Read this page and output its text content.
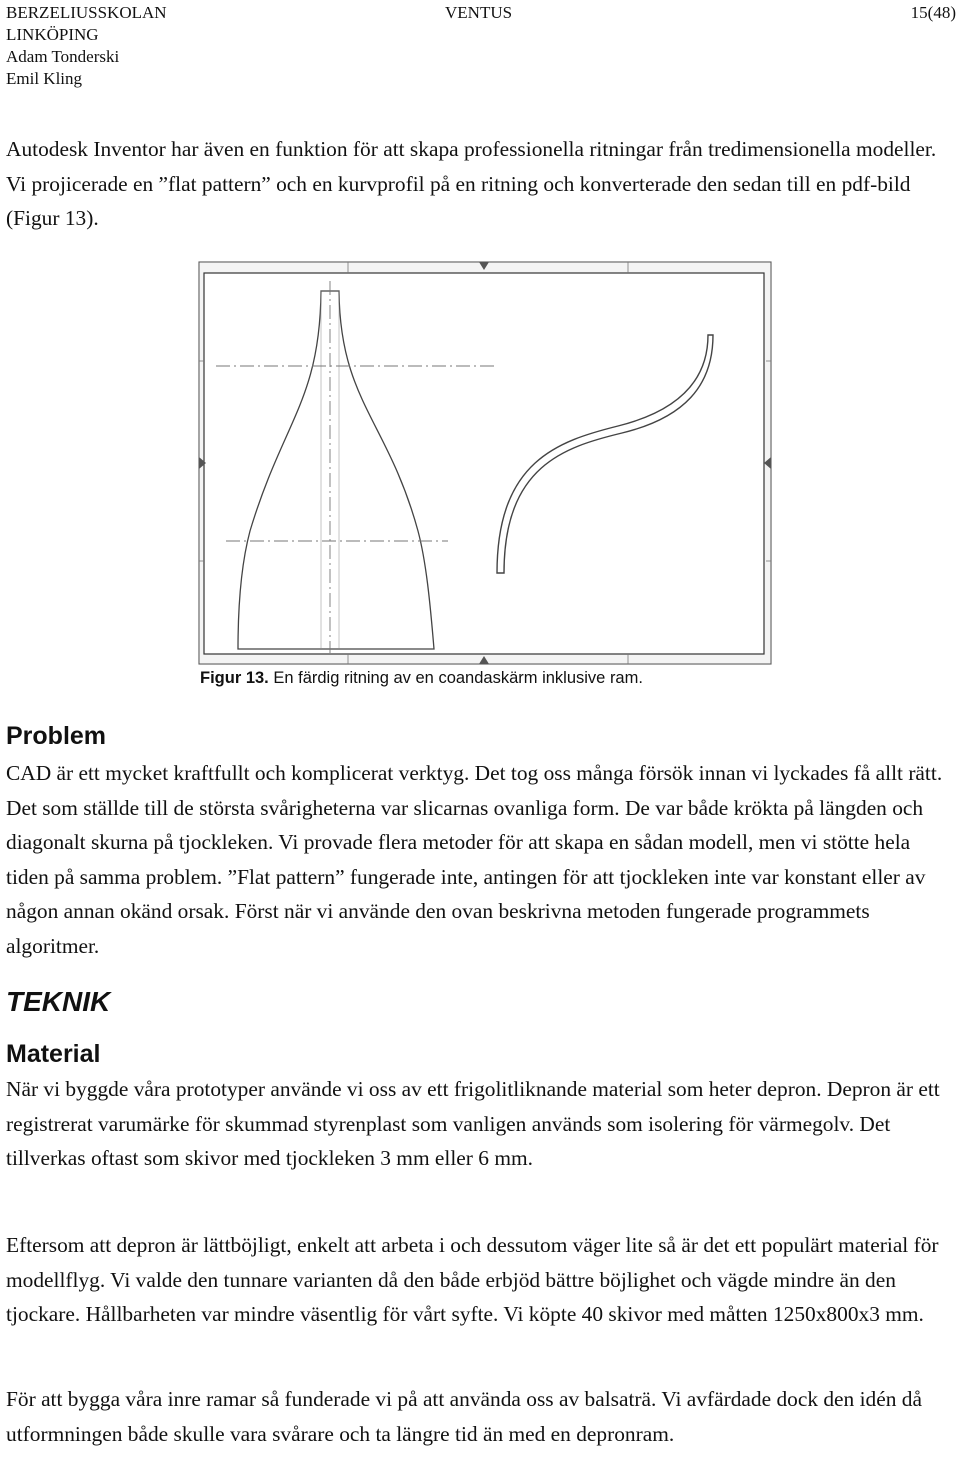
BERZELIUSSKOLAN
LINKÖPING
Adam Tonderski
Emil Kling
VENTUS	15(48)

Autodesk Inventor har även en funktion för att skapa professionella ritningar från tredimensionella modeller. Vi projicerade en ”flat pattern” och en kurvprofil på en ritning och konverterade den sedan till en pdf-bild (Figur 13).

Figur 13. En färdig ritning av en coandaskärm inklusive ram.
Problem

CAD är ett mycket kraftfullt och komplicerat verktyg. Det tog oss många försök innan vi lyckades få allt rätt. Det som ställde till de största svårigheterna var slicarnas ovanliga form. De var både krökta på längden och diagonalt skurna på tjockleken. Vi provade flera metoder för att skapa en sådan modell, men vi stötte hela tiden på samma problem. ”Flat pattern” fungerade inte, antingen för att tjockleken inte var konstant eller av någon annan okänd orsak. Först när vi använde den ovan beskrivna metoden fungerade programmets algoritmer.

TEKNIK
Material

När vi byggde våra prototyper använde vi oss av ett frigolitliknande material som heter depron. Depron är ett registrerat varumärke för skummad styrenplast som vanligen används som isolering för värmegolv. Det tillverkas oftast som skivor med tjockleken 3 mm eller 6 mm.

Eftersom att depron är lättböjligt, enkelt att arbeta i och dessutom väger lite så är det ett populärt material för modellflyg. Vi valde den tunnare varianten då den både erbjöd bättre böjlighet och vägde mindre än den tjockare. Hållbarheten var mindre väsentlig för vårt syfte. Vi köpte 40 skivor med måtten 1250x800x3 mm.

För att bygga våra inre ramar så funderade vi på att använda oss av balsaträ. Vi avfärdade dock den idén då utformningen både skulle vara svårare och ta längre tid än med en depronram.
